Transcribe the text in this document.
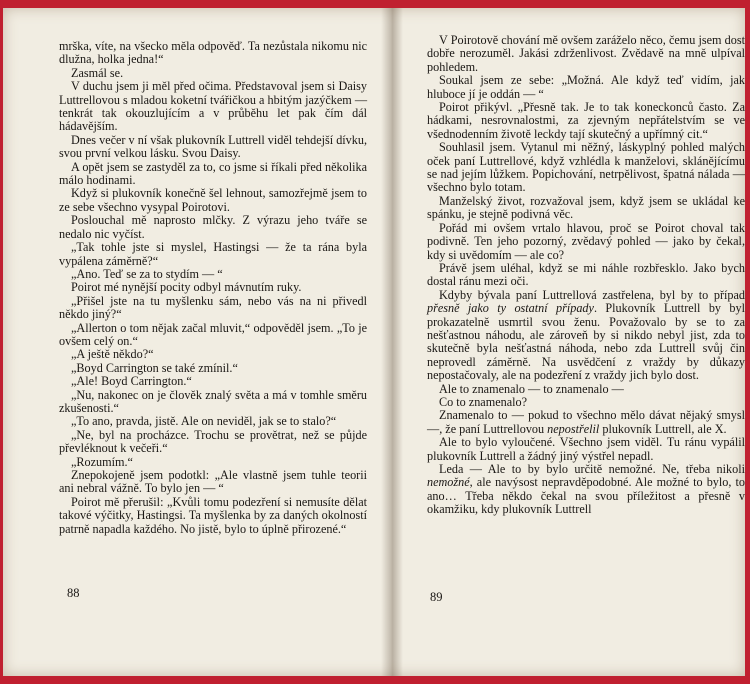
mrška, víte, na všecko měla odpověď. Ta nezůstala nikomu nic dlužna, holka jedna!“

Zasmál se.

V duchu jsem ji měl před očima. Představoval jsem si Daisy Luttrellovou s mladou koketní tvářičkou a hbitým jazýčkem — tenkrát tak okouzlujícím a v průběhu let pak čím dál hádavějším.

Dnes večer v ní však plukovník Luttrell viděl tehdejší dívku, svou první velkou lásku. Svou Daisy.

A opět jsem se zastyděl za to, co jsme si říkali před několika málo hodinami.

Když si plukovník konečně šel lehnout, samozřejmě jsem to ze sebe všechno vysypal Poirotovi.

Poslouchal mě naprosto mlčky. Z výrazu jeho tváře se nedalo nic vyčíst.

„Tak tohle jste si myslel, Hastingsi — že ta rána byla vypálena záměrně?“

„Ano. Teď se za to stydím — “

Poirot mé nynější pocity odbyl mávnutím ruky.

„Přišel jste na tu myšlenku sám, nebo vás na ni přivedl někdo jiný?“

„Allerton o tom nějak začal mluvit,“ odpověděl jsem. „To je ovšem celý on.“

„A ještě někdo?“

„Boyd Carrington se také zmínil.“

„Ale! Boyd Carrington.“

„Nu, nakonec on je člověk znalý světa a má v tomhle směru zkušenosti.“

„To ano, pravda, jistě. Ale on neviděl, jak se to stalo?“

„Ne, byl na procházce. Trochu se provětrat, než se půjde převléknout k večeři.“

„Rozumím.“

Znepokojeně jsem podotkl: „Ale vlastně jsem tuhle teorii ani nebral vážně. To bylo jen — “

Poirot mě přerušil: „Kvůli tomu podezření si nemusíte dělat takové výčitky, Hastingsi. Ta myšlenka by za daných okolností patrně napadla každého. No jistě, bylo to úplně přirozené.“

88

V Poirotově chování mě ovšem zaráželo něco, čemu jsem dost dobře nerozuměl. Jakási zdrženlivost. Zvědavě na mně ulpíval pohledem.

Soukal jsem ze sebe: „Možná. Ale když teď vidím, jak hluboce jí je oddán — “

Poirot přikývl. „Přesně tak. Je to tak koneckonců často. Za hádkami, nesrovnalostmi, za zjevným nepřátelstvím se ve všednodenním životě leckdy tají skutečný a upřímný cit.“

Souhlasil jsem. Vytanul mi něžný, láskyplný pohled malých oček paní Luttrellové, když vzhlédla k manželovi, sklánějícímu se nad jejím lůžkem. Popichování, netrpělivost, špatná nálada — všechno bylo totam.

Manželský život, rozvažoval jsem, když jsem se ukládal ke spánku, je stejně podivná věc.

Pořád mi ovšem vrtalo hlavou, proč se Poirot choval tak podivně. Ten jeho pozorný, zvědavý pohled — jako by čekal, kdy si uvědomím — ale co?

Právě jsem uléhal, když se mi náhle rozbřesklo. Jako bych dostal ránu mezi oči.

Kdyby bývala paní Luttrellová zastřelena, byl by to případ přesně jako ty ostatní případy. Plukovník Luttrell by byl prokazatelně usmrtil svou ženu. Považovalo by se to za nešťastnou náhodu, ale zároveň by si nikdo nebyl jist, zda to skutečně byla nešťastná náhoda, nebo zda Luttrell svůj čin neprovedl záměrně. Na usvědčení z vraždy by důkazy nepostačovaly, ale na podezření z vraždy jich bylo dost.

Ale to znamenalo — to znamenalo —

Co to znamenalo?

Znamenalo to — pokud to všechno mělo dávat nějaký smysl —, že paní Luttrellovou nepostřelil plukovník Luttrell, ale X.

Ale to bylo vyloučené. Všechno jsem viděl. Tu ránu vypálil plukovník Luttrell a žádný jiný výstřel nepadl.

Leda — Ale to by bylo určitě nemožné. Ne, třeba nikoli nemožné, ale navýsost nepravděpodobné. Ale možné to bylo, to ano… Třeba někdo čekal na svou příležitost a přesně v okamžiku, kdy plukovník Luttrell

89
